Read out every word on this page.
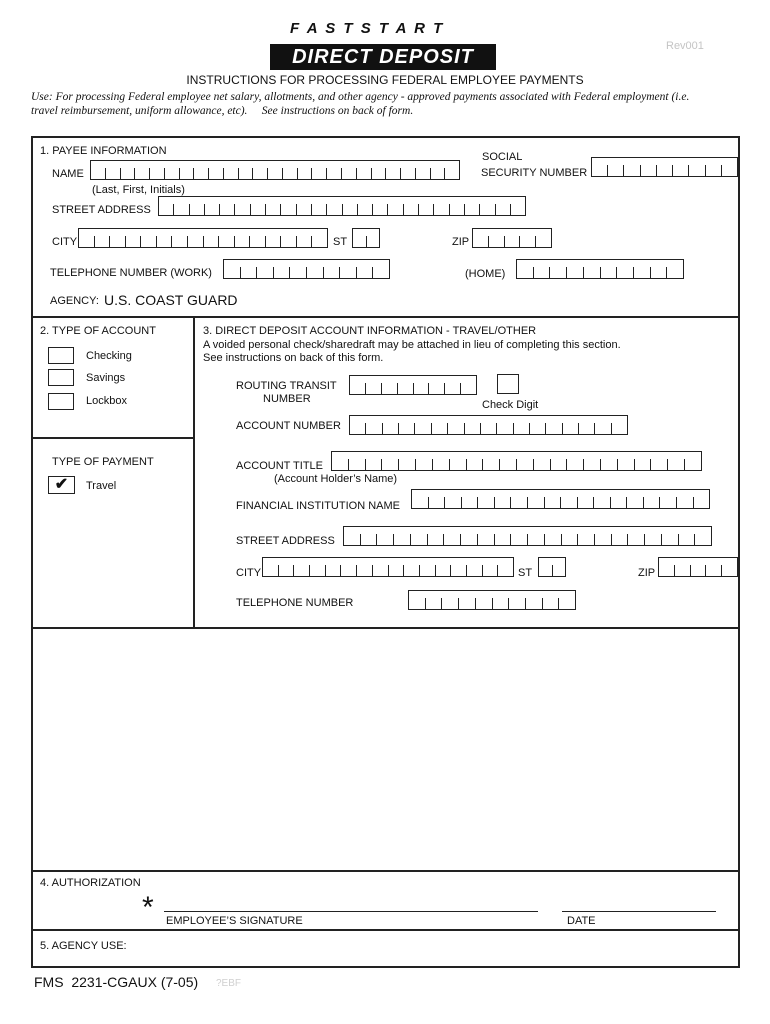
F A S T S T A R T
DIRECT DEPOSIT	Rev001
INSTRUCTIONS FOR PROCESSING FEDERAL EMPLOYEE PAYMENTS
Use: For processing Federal employee net salary, allotments, and other agency - approved payments associated with Federal employment (i.e.
travel reimbursement, uniform allowance, etc).     See instructions on back of form.
1. PAYEE INFORMATION
NAME
(Last, First, Initials)
SOCIAL
SECURITY NUMBER
STREET ADDRESS
CITY	ST	ZIP
TELEPHONE NUMBER (WORK)	(HOME)
AGENCY: U.S. COAST GUARD
2. TYPE OF ACCOUNT
Checking
Savings
Lockbox
TYPE OF PAYMENT
✔ Travel
3. DIRECT DEPOSIT ACCOUNT INFORMATION - TRAVEL/OTHER
A voided personal check/sharedraft may be attached in lieu of completing this section.
See instructions on back of this form.
ROUTING TRANSIT
NUMBER	Check Digit
ACCOUNT NUMBER
ACCOUNT TITLE
(Account Holder’s Name)
FINANCIAL INSTITUTION NAME
STREET ADDRESS
CITY	ST	ZIP
TELEPHONE NUMBER
4. AUTHORIZATION
* EMPLOYEE’S SIGNATURE	DATE
5. AGENCY USE:
FMS  2231-CGAUX (7-05) ?EBF
